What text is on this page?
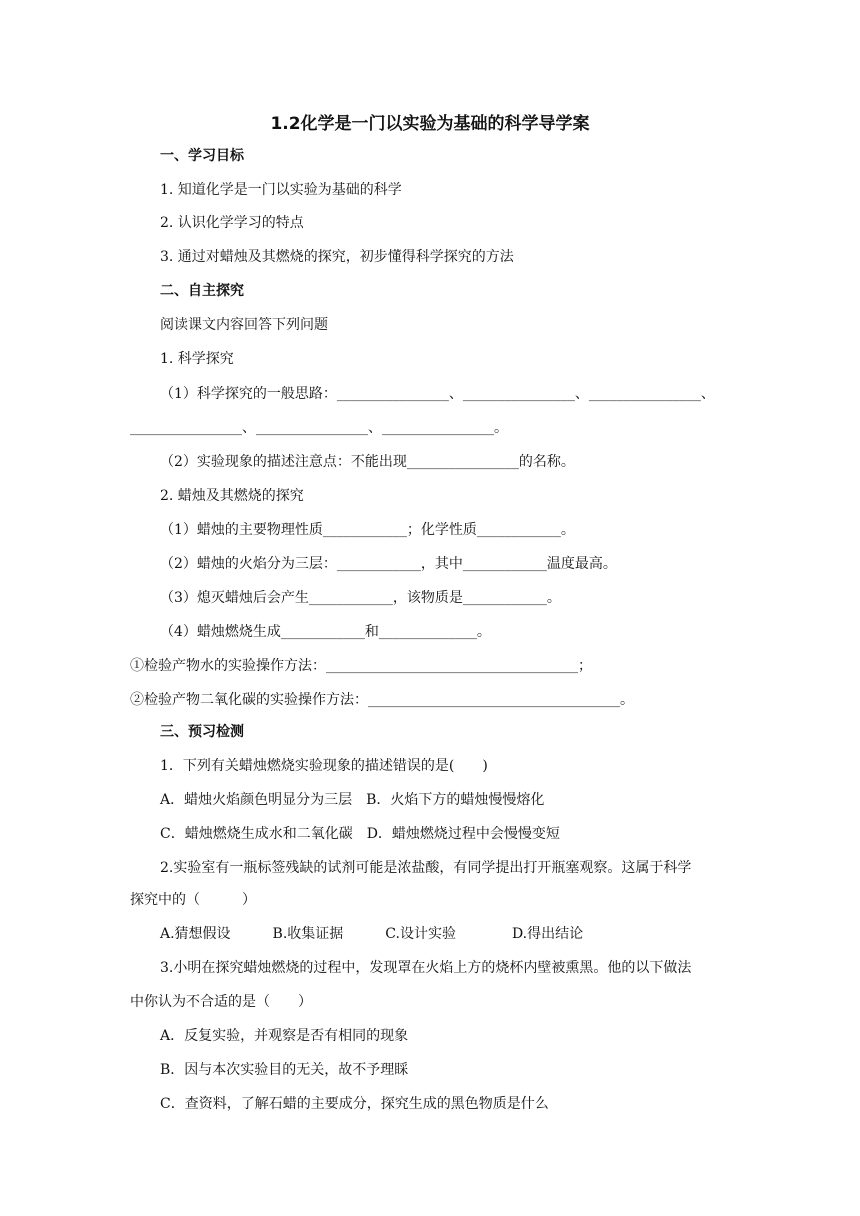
1.2化学是一门以实验为基础的科学导学案
一、学习目标
1. 知道化学是一门以实验为基础的科学
2. 认识化学学习的特点
3. 通过对蜡烛及其燃烧的探究，初步懂得科学探究的方法
二、自主探究
阅读课文内容回答下列问题
1. 科学探究
（1）科学探究的一般思路：________________、________________、________________、
________________、________________、________________。
（2）实验现象的描述注意点：不能出现________________的名称。
2. 蜡烛及其燃烧的探究
（1）蜡烛的主要物理性质____________；化学性质____________。
（2）蜡烛的火焰分为三层：____________，其中____________温度最高。
（3）熄灭蜡烛后会产生____________，该物质是____________。
（4）蜡烛燃烧生成____________和______________。
①检验产物水的实验操作方法：____________________________________；
②检验产物二氧化碳的实验操作方法：____________________________________。
三、预习检测
1．下列有关蜡烛燃烧实验现象的描述错误的是(　　)
A．蜡烛火焰颜色明显分为三层　B．火焰下方的蜡烛慢慢熔化
C．蜡烛燃烧生成水和二氧化碳　D．蜡烛燃烧过程中会慢慢变短
2.实验室有一瓶标签残缺的试剂可能是浓盐酸，有同学提出打开瓶塞观察。这属于科学
探究中的（　　　）
A.猜想假设　　　B.收集证据　　　C.设计实验　　　　D.得出结论
3.小明在探究蜡烛燃烧的过程中，发现罩在火焰上方的烧杯内壁被熏黑。他的以下做法
中你认为不合适的是（　　）
A．反复实验，并观察是否有相同的现象
B．因与本次实验目的无关，故不予理睬
C．查资料，了解石蜡的主要成分，探究生成的黑色物质是什么
